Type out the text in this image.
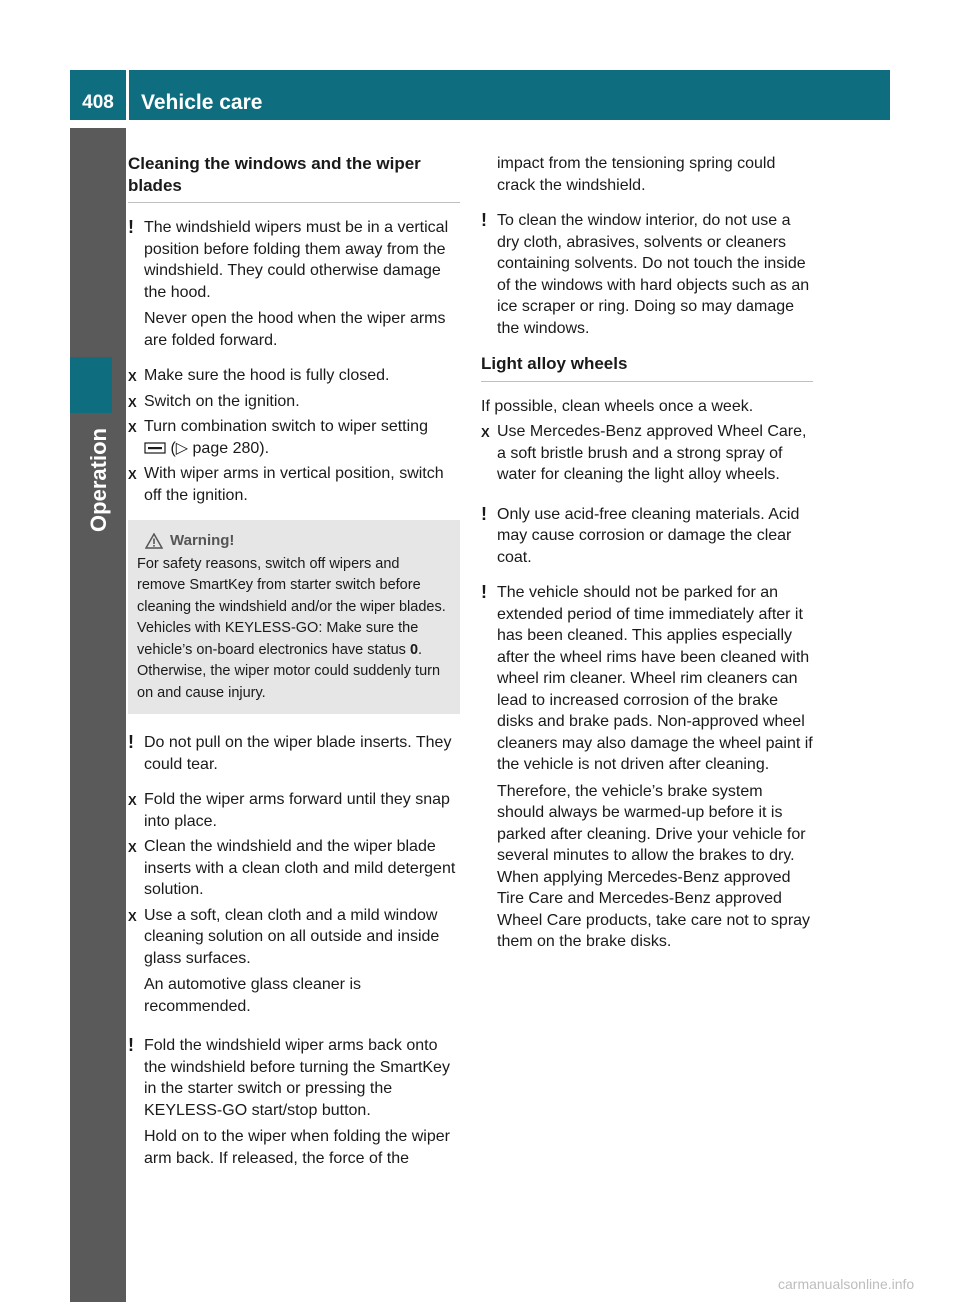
408	Vehicle care
Operation
Cleaning the windows and the wiper
blades
! The windshield wipers must be in a vertical position before folding them away from the windshield. They could otherwise damage the hood.

Never open the hood when the wiper arms are folded forward.

X Make sure the hood is fully closed.
X Switch on the ignition.
X Turn combination switch to wiper setting
(▷ page 280).
X With wiper arms in vertical position, switch off the ignition.
Warning!
For safety reasons, switch off wipers and remove SmartKey from starter switch before cleaning the windshield and/or the wiper blades. Vehicles with KEYLESS-GO: Make sure the vehicle’s on-board electronics have status 0. Otherwise, the wiper motor could suddenly turn on and cause injury.
! Do not pull on the wiper blade inserts. They could tear.

X Fold the wiper arms forward until they snap into place.
X Clean the windshield and the wiper blade inserts with a clean cloth and mild detergent solution.
X Use a soft, clean cloth and a mild window cleaning solution on all outside and inside glass surfaces.

An automotive glass cleaner is recommended.

! Fold the windshield wiper arms back onto the windshield before turning the SmartKey in the starter switch or pressing the KEYLESS-GO start/stop button.

Hold on to the wiper when folding the wiper arm back. If released, the force of the

impact from the tensioning spring could crack the windshield.

! To clean the window interior, do not use a dry cloth, abrasives, solvents or cleaners containing solvents. Do not touch the inside of the windows with hard objects such as an ice scraper or ring. Doing so may damage the windows.

Light alloy wheels

If possible, clean wheels once a week.

X Use Mercedes-Benz approved Wheel Care, a soft bristle brush and a strong spray of water for cleaning the light alloy wheels.
! Only use acid-free cleaning materials. Acid may cause corrosion or damage the clear coat.

! The vehicle should not be parked for an extended period of time immediately after it has been cleaned. This applies especially after the wheel rims have been cleaned with wheel rim cleaner. Wheel rim cleaners can lead to increased corrosion of the brake disks and brake pads. Non-approved wheel cleaners may also damage the wheel paint if the vehicle is not driven after cleaning.

Therefore, the vehicle’s brake system should always be warmed-up before it is parked after cleaning. Drive your vehicle for several minutes to allow the brakes to dry. When applying Mercedes-Benz approved Tire Care and Mercedes-Benz approved Wheel Care products, take care not to spray them on the brake disks.

carmanualsonline.info
